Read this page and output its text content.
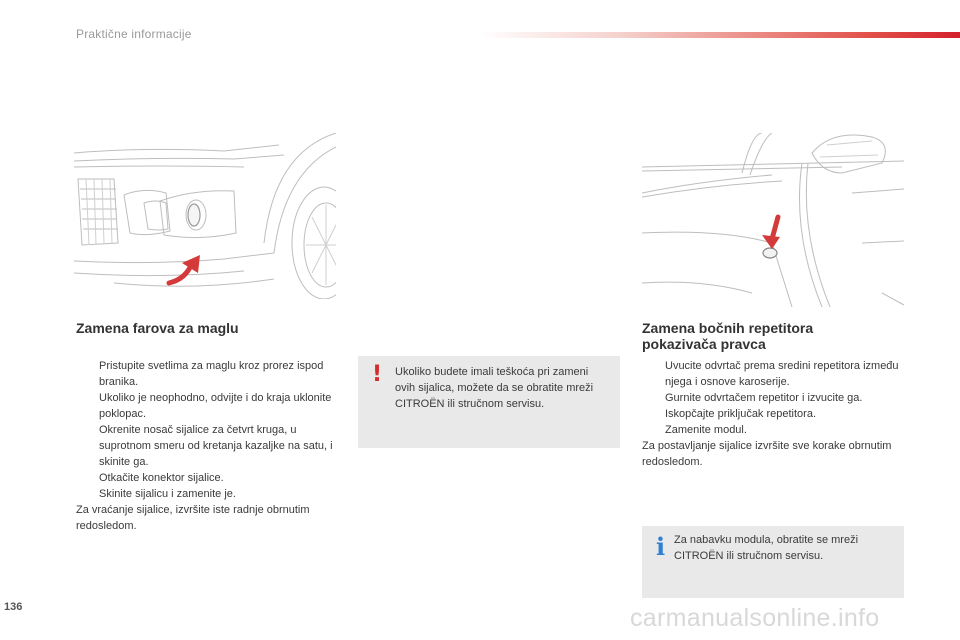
Praktične informacije
Zamena farova za maglu
Pristupite svetlima za maglu kroz prorez ispod branika.
Ukoliko je neophodno, odvijte i do kraja uklonite poklopac.
Okrenite nosač sijalice za četvrt kruga, u suprotnom smeru od kretanja kazaljke na satu, i skinite ga.
Otkačite konektor sijalice.
Skinite sijalicu i zamenite je.
Za vraćanje sijalice, izvršite iste radnje obrnutim redosledom.
! Ukoliko budete imali teškoća pri zameni ovih sijalica, možete da se obratite mreži CITROËN ili stručnom servisu.
Zamena bočnih repetitora
pokazivača pravca
Uvucite odvrtač prema sredini repetitora između njega i osnove karoserije.
Gurnite odvrtačem repetitor i izvucite ga.
Iskopčajte priključak repetitora.
Zamenite modul.
Za postavljanje sijalice izvršite sve korake obrnutim redosledom.
i Za nabavku modula, obratite se mreži CITROËN ili stručnom servisu.
136	carmanualsonline.info
